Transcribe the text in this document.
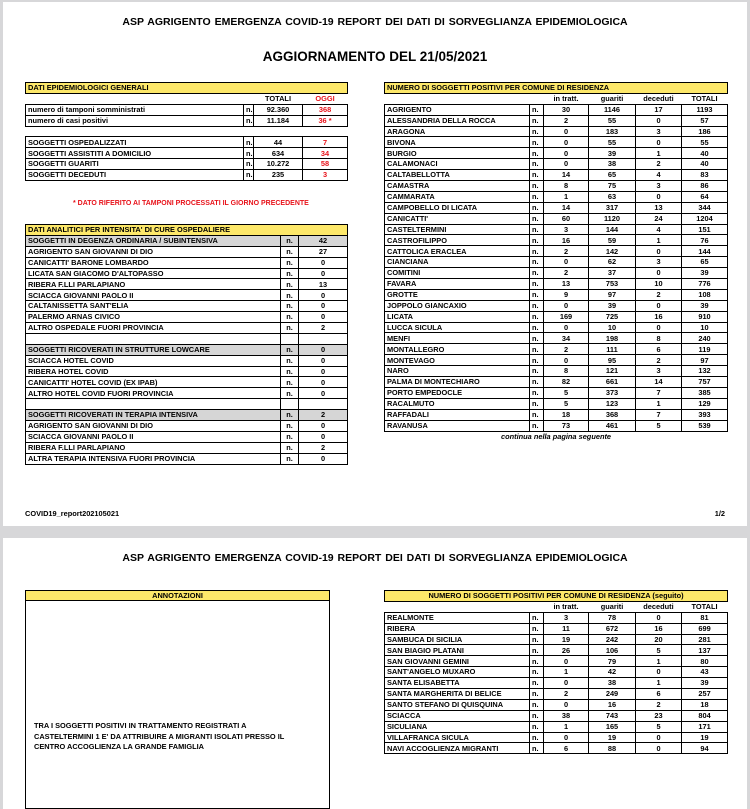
ASP AGRIGENTO EMERGENZA COVID-19 REPORT DEI DATI DI SORVEGLIANZA EPIDEMIOLOGICA
AGGIORNAMENTO DEL 21/05/2021
DATI EPIDEMIOLOGICI GENERALI			
		TOTALI	OGGI
numero di tamponi somministrati	n.	92.360	368
numero di casi positivi	n.	11.184	36 *

SOGGETTI OSPEDALIZZATI	n.	44	7
SOGGETTI ASSISTITI A DOMICILIO	n.	634	34
SOGGETTI GUARITI	n.	10.272	58
SOGGETTI DECEDUTI	n.	235	3
* DATO RIFERITO AI TAMPONI PROCESSATI IL GIORNO PRECEDENTE
DATI ANALITICI PER INTENSITA' DI CURE OSPEDALIERE		
SOGGETTI IN DEGENZA ORDINARIA / SUBINTENSIVA	n.	42
AGRIGENTO SAN GIOVANNI DI DIO	n.	27
CANICATTI' BARONE LOMBARDO	n.	0
LICATA SAN GIACOMO D'ALTOPASSO	n.	0
RIBERA F.LLI PARLAPIANO	n.	13
SCIACCA GIOVANNI PAOLO II	n.	0
CALTANISSETTA SANT'ELIA	n.	0
PALERMO ARNAS CIVICO	n.	0
ALTRO OSPEDALE FUORI PROVINCIA	n.	2

SOGGETTI RICOVERATI IN STRUTTURE LOWCARE	n.	0
SCIACCA HOTEL COVID	n.	0
RIBERA HOTEL COVID	n.	0
CANICATTI' HOTEL COVID (EX IPAB)	n.	0
ALTRO HOTEL COVID FUORI PROVINCIA	n.	0

SOGGETTI RICOVERATI IN TERAPIA INTENSIVA	n.	2
AGRIGENTO SAN GIOVANNI DI DIO	n.	0
SCIACCA GIOVANNI PAOLO II	n.	0
RIBERA F.LLI PARLAPIANO	n.	2
ALTRA TERAPIA INTENSIVA FUORI PROVINCIA	n.	0
NUMERO DI SOGGETTI POSITIVI PER COMUNE DI RESIDENZA					
		in tratt.	guariti	deceduti	TOTALI
AGRIGENTO	n.	30	1146	17	1193
ALESSANDRIA DELLA ROCCA	n.	2	55	0	57
ARAGONA	n.	0	183	3	186
BIVONA	n.	0	55	0	55
BURGIO	n.	0	39	1	40
CALAMONACI	n.	0	38	2	40
CALTABELLOTTA	n.	14	65	4	83
CAMASTRA	n.	8	75	3	86
CAMMARATA	n.	1	63	0	64
CAMPOBELLO DI LICATA	n.	14	317	13	344
CANICATTI'	n.	60	1120	24	1204
CASTELTERMINI	n.	3	144	4	151
CASTROFILIPPO	n.	16	59	1	76
CATTOLICA ERACLEA	n.	2	142	0	144
CIANCIANA	n.	0	62	3	65
COMITINI	n.	2	37	0	39
FAVARA	n.	13	753	10	776
GROTTE	n.	9	97	2	108
JOPPOLO GIANCAXIO	n.	0	39	0	39
LICATA	n.	169	725	16	910
LUCCA SICULA	n.	0	10	0	10
MENFI	n.	34	198	8	240
MONTALLEGRO	n.	2	111	6	119
MONTEVAGO	n.	0	95	2	97
NARO	n.	8	121	3	132
PALMA DI MONTECHIARO	n.	82	661	14	757
PORTO EMPEDOCLE	n.	5	373	7	385
RACALMUTO	n.	5	123	1	129
RAFFADALI	n.	18	368	7	393
RAVANUSA	n.	73	461	5	539
continua nella pagina seguente					
COVID19_report202105021	1/2
ASP AGRIGENTO EMERGENZA COVID-19 REPORT DEI DATI DI SORVEGLIANZA EPIDEMIOLOGICA
ANNOTAZIONI
TRA I SOGGETTI POSITIVI IN TRATTAMENTO REGISTRATI A
CASTELTERMINI 1 E' DA ATTRIBUIRE A MIGRANTI ISOLATI PRESSO IL
CENTRO ACCOGLIENZA LA GRANDE FAMIGLIA
NUMERO DI SOGGETTI POSITIVI PER COMUNE DI RESIDENZA (seguito)					
		in tratt.	guariti	deceduti	TOTALI
REALMONTE	n.	3	78	0	81
RIBERA	n.	11	672	16	699
SAMBUCA DI SICILIA	n.	19	242	20	281
SAN BIAGIO PLATANI	n.	26	106	5	137
SAN GIOVANNI GEMINI	n.	0	79	1	80
SANT'ANGELO MUXARO	n.	1	42	0	43
SANTA ELISABETTA	n.	0	38	1	39
SANTA MARGHERITA DI BELICE	n.	2	249	6	257
SANTO STEFANO DI QUISQUINA	n.	0	16	2	18
SCIACCA	n.	38	743	23	804
SICULIANA	n.	1	165	5	171
VILLAFRANCA SICULA	n.	0	19	0	19
NAVI ACCOGLIENZA MIGRANTI	n.	6	88	0	94
